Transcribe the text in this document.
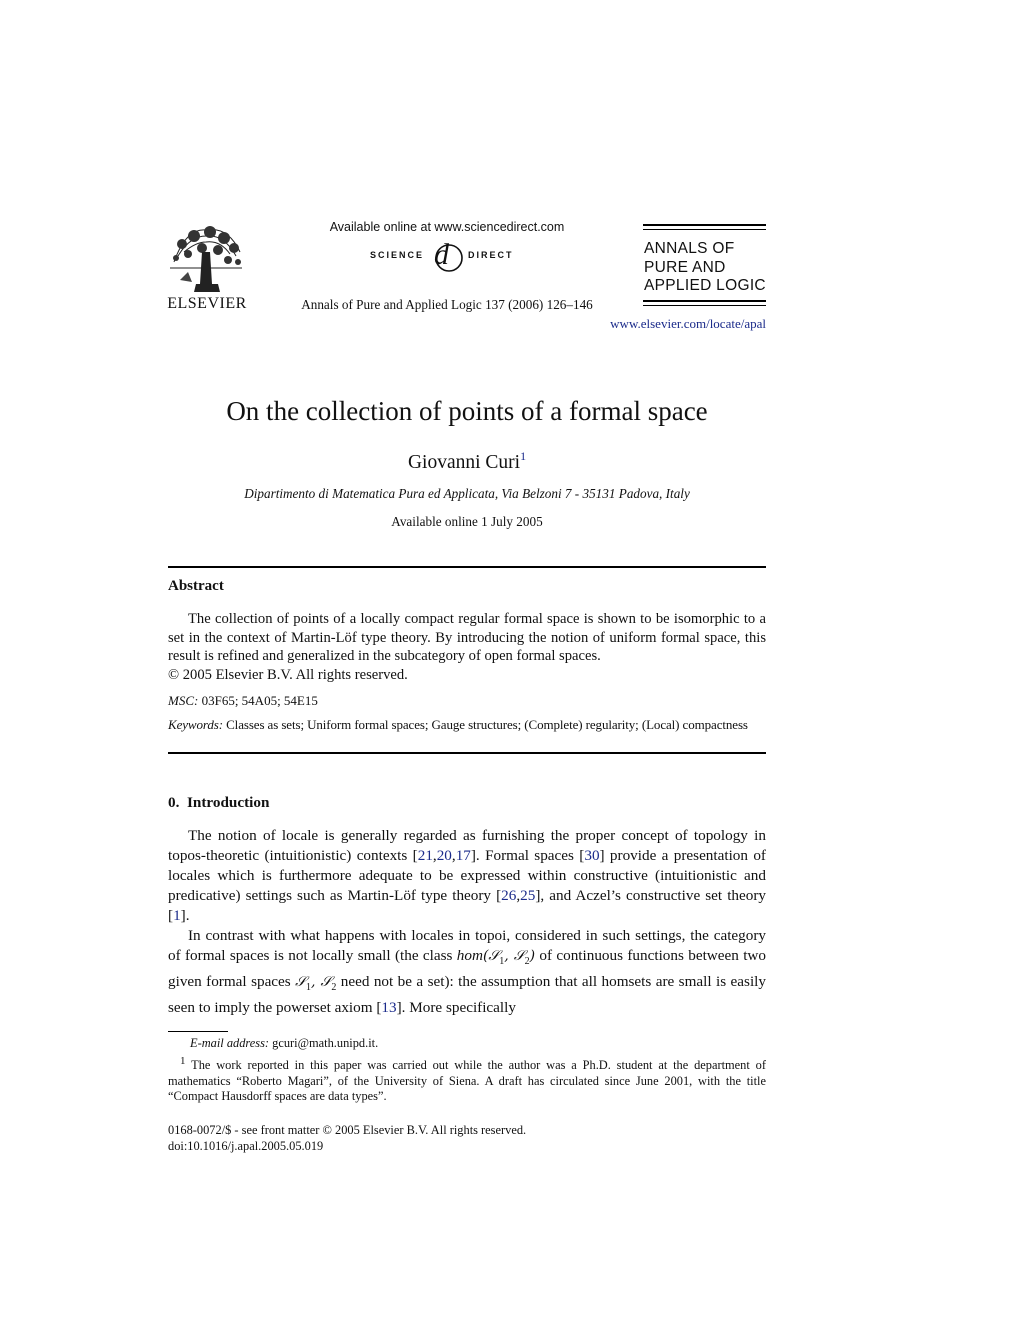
ELSEVIER
Available online at www.sciencedirect.com
SCIENCE d DIRECT
Annals of Pure and Applied Logic 137 (2006) 126–146
ANNALS OF
PURE AND
APPLIED LOGIC
www.elsevier.com/locate/apal
On the collection of points of a formal space
Giovanni Curi$^1$
Dipartimento di Matematica Pura ed Applicata, Via Belzoni 7 - 35131 Padova, Italy
Available online 1 July 2005
Abstract

The collection of points of a locally compact regular formal space is shown to be isomorphic to a set in the context of Martin-Löf type theory. By introducing the notion of uniform formal space, this result is refined and generalized in the subcategory of open formal spaces.

© 2005 Elsevier B.V. All rights reserved.

MSC: 03F65; 54A05; 54E15
Keywords: Classes as sets; Uniform formal spaces; Gauge structures; (Complete) regularity; (Local) compactness
0.  Introduction

The notion of locale is generally regarded as furnishing the proper concept of topology in topos-theoretic (intuitionistic) contexts [21,20,17]. Formal spaces [30] provide a presentation of locales which is furthermore adequate to be expressed within constructive (intuitionistic and predicative) settings such as Martin-Löf type theory [26,25], and Aczel’s constructive set theory [1].

In contrast with what happens with locales in topoi, considered in such settings, the category of formal spaces is not locally small (the class hom(𝒮$_1$, 𝒮$_2$) of continuous functions between two given formal spaces 𝒮$_1$, 𝒮$_2$ need not be a set): the assumption that all homsets are small is easily seen to imply the powerset axiom [13]. More specifically

E-mail address: gcuri@math.unipd.it.
$^1$ The work reported in this paper was carried out while the author was a Ph.D. student at the department of mathematics “Roberto Magari”, of the University of Siena. A draft has circulated since June 2001, with the title “Compact Hausdorff spaces are data types”.
0168-0072/$ - see front matter © 2005 Elsevier B.V. All rights reserved.
doi:10.1016/j.apal.2005.05.019
